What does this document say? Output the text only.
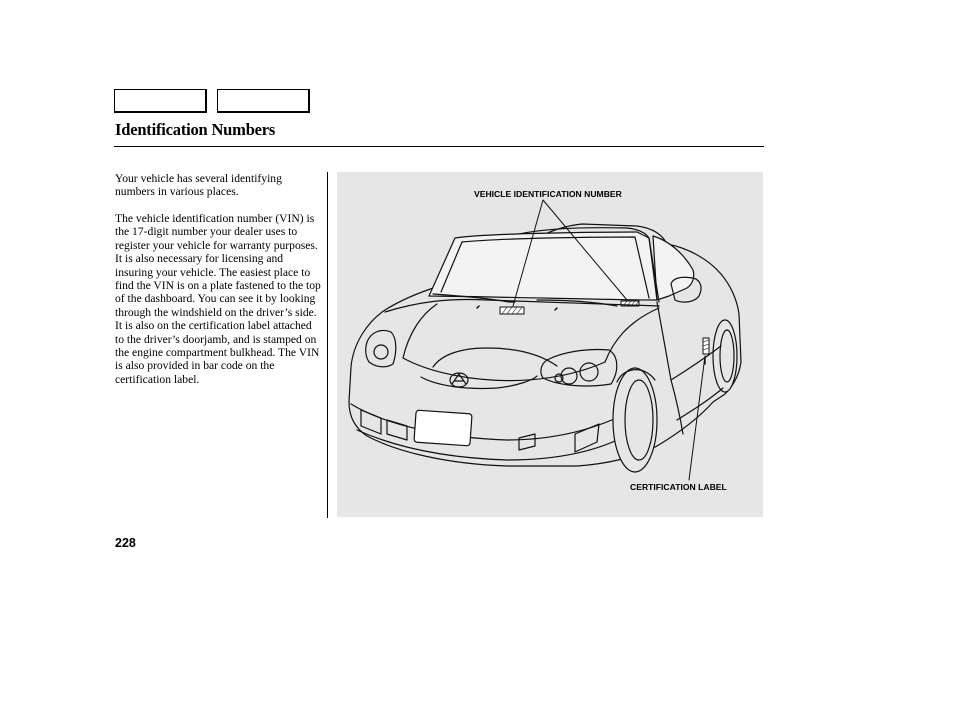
Identification Numbers

Your vehicle has several identifying numbers in various places.

The vehicle identification number (VIN) is the 17-digit number your dealer uses to register your vehicle for warranty purposes. It is also necessary for licensing and insuring your vehicle. The easiest place to find the VIN is on a plate fastened to the top of the dashboard. You can see it by looking through the windshield on the driver’s side. It is also on the certification label attached to the driver’s doorjamb, and is stamped on the engine compartment bulkhead. The VIN is also provided in bar code on the certification label.

VEHICLE IDENTIFICATION NUMBER
CERTIFICATION LABEL
228
